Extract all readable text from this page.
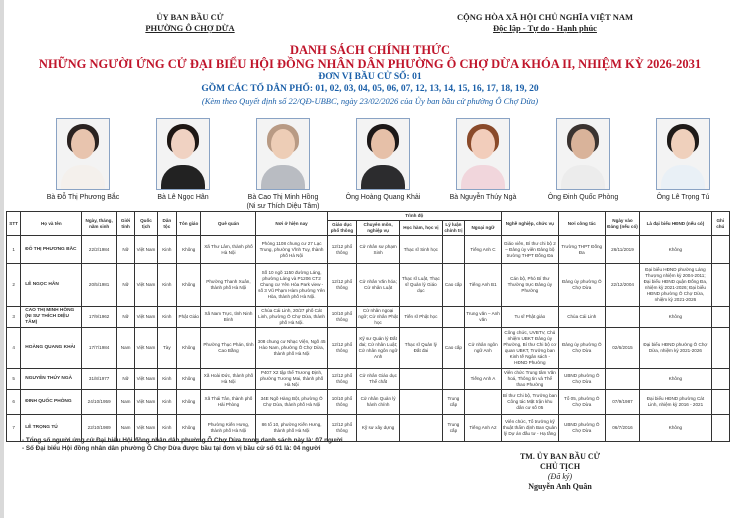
ỦY BAN BẦU CỬ
PHƯỜNG Ô CHỢ DỪA
CỘNG HÒA XÃ HỘI CHỦ NGHĨA VIỆT NAM
Độc lập - Tự do - Hạnh phúc
DANH SÁCH CHÍNH THỨC
NHỮNG NGƯỜI ỨNG CỬ ĐẠI BIỂU HỘI ĐỒNG NHÂN DÂN PHƯỜNG Ô CHỢ DỪA KHÓA II, NHIỆM KỲ 2026-2031
ĐƠN VỊ BẦU CỬ SỐ: 01
GỒM CÁC TỔ DÂN PHỐ: 01, 02, 03, 04, 05, 06, 07, 12, 13, 14, 15, 16, 17, 18, 19, 20
(Kèm theo Quyết định số 22/QĐ-UBBC, ngày 23/02/2026 của Ủy ban bầu cử phường Ô Chợ Dừa)
Bà Đỗ Thị Phương Bắc	Bà Lê Ngọc Hân	Bà Cao Thị Minh Hồng
(Ni sư Thích Diệu Tâm)
Ông Hoàng Quang Khải	Bà Nguyễn Thúy Ngà	Ông Đinh Quốc Phòng	Ông Lê Trọng Tú
STT	Họ và tên	Ngày, tháng, năm sinh	Giới tính	Quốc tịch	Dân tộc	Tôn giáo	Quê quán	Nơi ở hiện nay	Trình độ					Nghề nghiệp, chức vụ	Nơi công tác	Ngày vào Đảng (nếu có)	Là đại biểu HĐND (nếu có)	Ghi chú
									Giáo dục phổ thông	Chuyên môn, nghiệp vụ	Học hàm, học vị	Lý luận chính trị	Ngoại ngữ					
1	ĐỖ THỊ PHƯƠNG BẮC	22/2/1984	Nữ	Việt Nam	Kinh	Không	Xã Thư Lâm, thành phố Hà Nội	Phòng 1108 chung cư 27 Lạc Trung, phường Vĩnh Tuy, thành phố Hà Nội	12/12 phổ thông	Cử nhân sư phạm Sinh	Thạc sĩ Sinh học		Tiếng Anh C	Giáo viên, Bí thư chi bộ 2 – Đảng ủy viên Đảng bộ trường THPT Đống Đa	Trường THPT Đống Đa	26/11/2019	Không	
2	LÊ NGỌC HÂN	20/5/1981	Nữ	Việt Nam	Kinh	Không	Phường Thanh Xuân, thành phố Hà Nội	Số 10 ngõ 1150 đường Láng, phường Láng và P1206 CT2 Chung cư Yên Hòa Park view - số 3 Vũ Phạm Hàm phường Yên Hòa, thành phố Hà Nội.	12/12 phổ thông	Cử nhân Văn hóa; Cử nhân Luật	Thạc sĩ Luật, Thạc sĩ Quản lý Giáo dục	Cao cấp	Tiếng Anh B1	Cán bộ, Phó Bí thư Thường trực Đảng ủy Phường	Đảng ủy phường Ô Chợ Dừa	22/12/2004	Đại biểu HĐND phường Láng Thượng nhiệm kỳ 2004-2011; Đại biểu HĐND quận Đống Đa, nhiệm kỳ 2021-2026; Đại biểu HĐND phường Ô Chợ Dừa, nhiệm kỳ 2021-2026	
3	CAO THỊ MINH HỒNG (NI SƯ THÍCH DIỆU TÂM)	17/9/1962	Nữ	Việt Nam	Kinh	Phật Giáo	Xã Nam Trực, tỉnh Ninh Bình	Chùa Cái Linh, 20/27 phố Cát Linh, phường Ô Chợ Dừa, thành phố Hà Nội.	10/10 phổ thông	Cử nhân ngoại ngữ; Cử nhân Phật học	Tiến sĩ Phật học		Trung văn – Anh văn	Tu sĩ Phật giáo	Chùa Cái Linh		Không	
4	HOÀNG QUANG KHẢI	17/7/1984	Nam	Việt Nam	Tày	Không	Phường Thục Phán, tỉnh Cao Bằng	308 chung cư Nhạc Viện, Ngõ 45 Hào Nam, phường Ô Chợ Dừa, thành phố Hà Nội	12/12 phổ thông	Kỹ sư Quản lý Đất đai; Cử nhân Luật; Cử nhân ngôn ngữ Anh	Thạc sĩ Quản lý Đất đai	Cao cấp	Cử nhân ngôn ngữ Anh	Công chức, UVBTV, Chủ nhiệm UBKT Đảng ủy Phường, Bí thư Chi bộ cơ quan UBKT, Trưởng ban Kinh tế Ngân sách - HĐND Phường	Đảng ủy phường Ô Chợ Dừa	02/6/2015	Đại biểu HĐND phường Ô Chợ Dừa, nhiệm kỳ 2021-2026	
5	NGUYỄN THÚY NGÀ	31/8/1977	Nữ	Việt Nam	Kinh	Không	Xã Hoài Đức, thành phố Hà Nội	P407 X2 tập thể Trương Định, phường Tương Mai, thành phố Hà Nội	12/12 phổ thông	Cử nhân Giáo dục Thể chất			Tiếng Anh A	Viên chức Trung tâm Văn hoá, Thông tin và Thể thao Phường	UBND phường Ô Chợ Dừa		Không	
6	ĐINH QUỐC PHÒNG	24/10/1959	Nam	Việt Nam	Kinh	Không	Xã Thái Tân, thành phố Hải Phòng	34E Ngõ Hàng Bột, phường Ô Chợ Dừa, thành phố Hà Nội	10/10 phổ thông	Cử nhân Quản lý hành chính		Trung cấp		Bí thư Chi bộ, Trưởng ban Công tác Mặt trận khu dân cư số 05	Tổ 05, phường Ô Chợ Dừa	07/9/1987	Đại biểu HĐND phường Cát Linh, nhiệm kỳ 2016 - 2021	
7	LÊ TRỌNG TÚ	22/10/1989	Nam	Việt Nam	Kinh	Không	Phường Kiến Hưng, thành phố Hà Nội	86 tổ 10, phường Kiến Hưng, thành phố Hà Nội	12/12 phổ thông	Kỹ sư xây dựng		Trung cấp	Tiếng Anh A2	Viên chức, Tổ trưởng kỹ thuật thẩm định Ban Quản lý Dự án đầu tư - Hạ tầng	UBND phường Ô Chợ Dừa	06/7/2016	Không	
- Tổng số người ứng cử Đại biểu Hội đồng nhân dân phường Ô Chợ Dừa trong danh sách này là: 07 người
- Số Đại biểu Hội đồng nhân dân phường Ô Chợ Dừa được bầu tại đơn vị bầu cử số 01 là: 04 người
TM. ỦY BAN BẦU CỬ
CHỦ TỊCH
(Đã ký)
Nguyễn Anh Quân
